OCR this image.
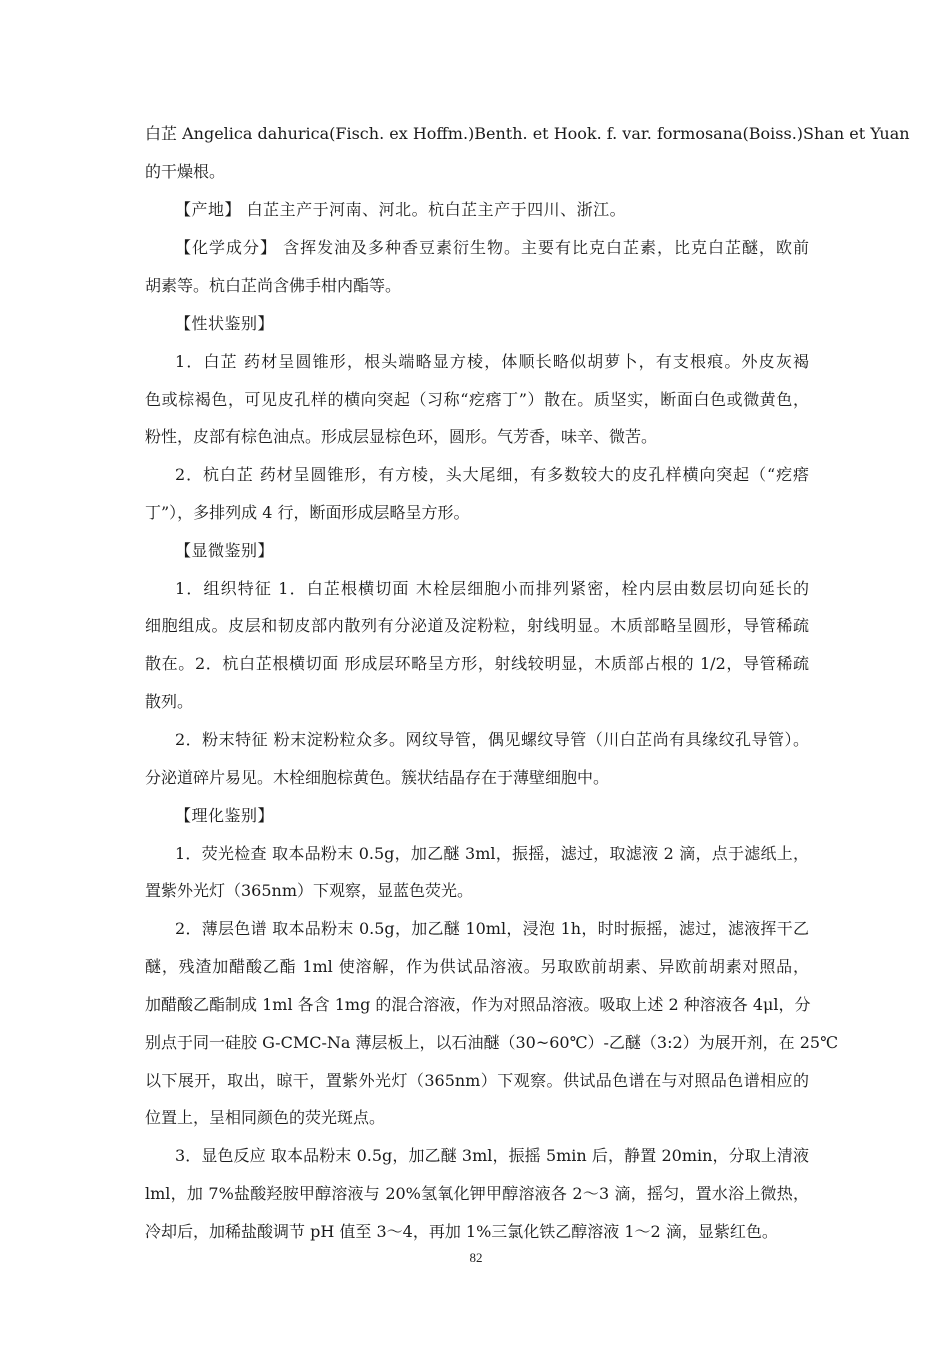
白芷 Angelica dahurica(Fisch. ex Hoffm.)Benth. et Hook. f. var. formosana(Boiss.)Shan et Yuan
的干燥根。
【产地】 白芷主产于河南、河北。杭白芷主产于四川、浙江。
【化学成分】 含挥发油及多种香豆素衍生物。主要有比克白芷素，比克白芷醚，欧前
胡素等。杭白芷尚含佛手柑内酯等。
【性状鉴别】
1．白芷 药材呈圆锥形，根头端略显方棱，体顺长略似胡萝卜，有支根痕。外皮灰褐
色或棕褐色，可见皮孔样的横向突起（习称“疙瘩丁”）散在。质坚实，断面白色或微黄色，
粉性，皮部有棕色油点。形成层显棕色环，圆形。气芳香，味辛、微苦。
2．杭白芷 药材呈圆锥形，有方棱，头大尾细，有多数较大的皮孔样横向突起（“疙瘩
丁”），多排列成 4 行，断面形成层略呈方形。
【显微鉴别】
1．组织特征 1．白芷根横切面 木栓层细胞小而排列紧密，栓内层由数层切向延长的
细胞组成。皮层和韧皮部内散列有分泌道及淀粉粒，射线明显。木质部略呈圆形，导管稀疏
散在。2．杭白芷根横切面 形成层环略呈方形，射线较明显，木质部占根的 1/2，导管稀疏
散列。
2．粉末特征 粉末淀粉粒众多。网纹导管，偶见螺纹导管（川白芷尚有具缘纹孔导管）。
分泌道碎片易见。木栓细胞棕黄色。簇状结晶存在于薄壁细胞中。
【理化鉴别】
1．荧光检查 取本品粉末 0.5g，加乙醚 3ml，振摇，滤过，取滤液 2 滴，点于滤纸上，
置紫外光灯（365nm）下观察，显蓝色荧光。
2．薄层色谱 取本品粉末 0.5g，加乙醚 10ml，浸泡 1h，时时振摇，滤过，滤液挥干乙
醚，残渣加醋酸乙酯 1ml 使溶解，作为供试品溶液。另取欧前胡素、异欧前胡素对照品，
加醋酸乙酯制成 1ml 各含 1mg 的混合溶液，作为对照品溶液。吸取上述 2 种溶液各 4μl，分
别点于同一硅胶 G-CMC-Na 薄层板上，以石油醚（30~60℃）-乙醚（3:2）为展开剂，在 25℃
以下展开，取出，晾干，置紫外光灯（365nm）下观察。供试品色谱在与对照品色谱相应的
位置上，呈相同颜色的荧光斑点。
3．显色反应 取本品粉末 0.5g，加乙醚 3ml，振摇 5min 后，静置 20min，分取上清液
lml，加 7%盐酸羟胺甲醇溶液与 20%氢氧化钾甲醇溶液各 2～3 滴，摇匀，置水浴上微热，
冷却后，加稀盐酸调节 pH 值至 3～4，再加 1%三氯化铁乙醇溶液 1～2 滴，显紫红色。
82
